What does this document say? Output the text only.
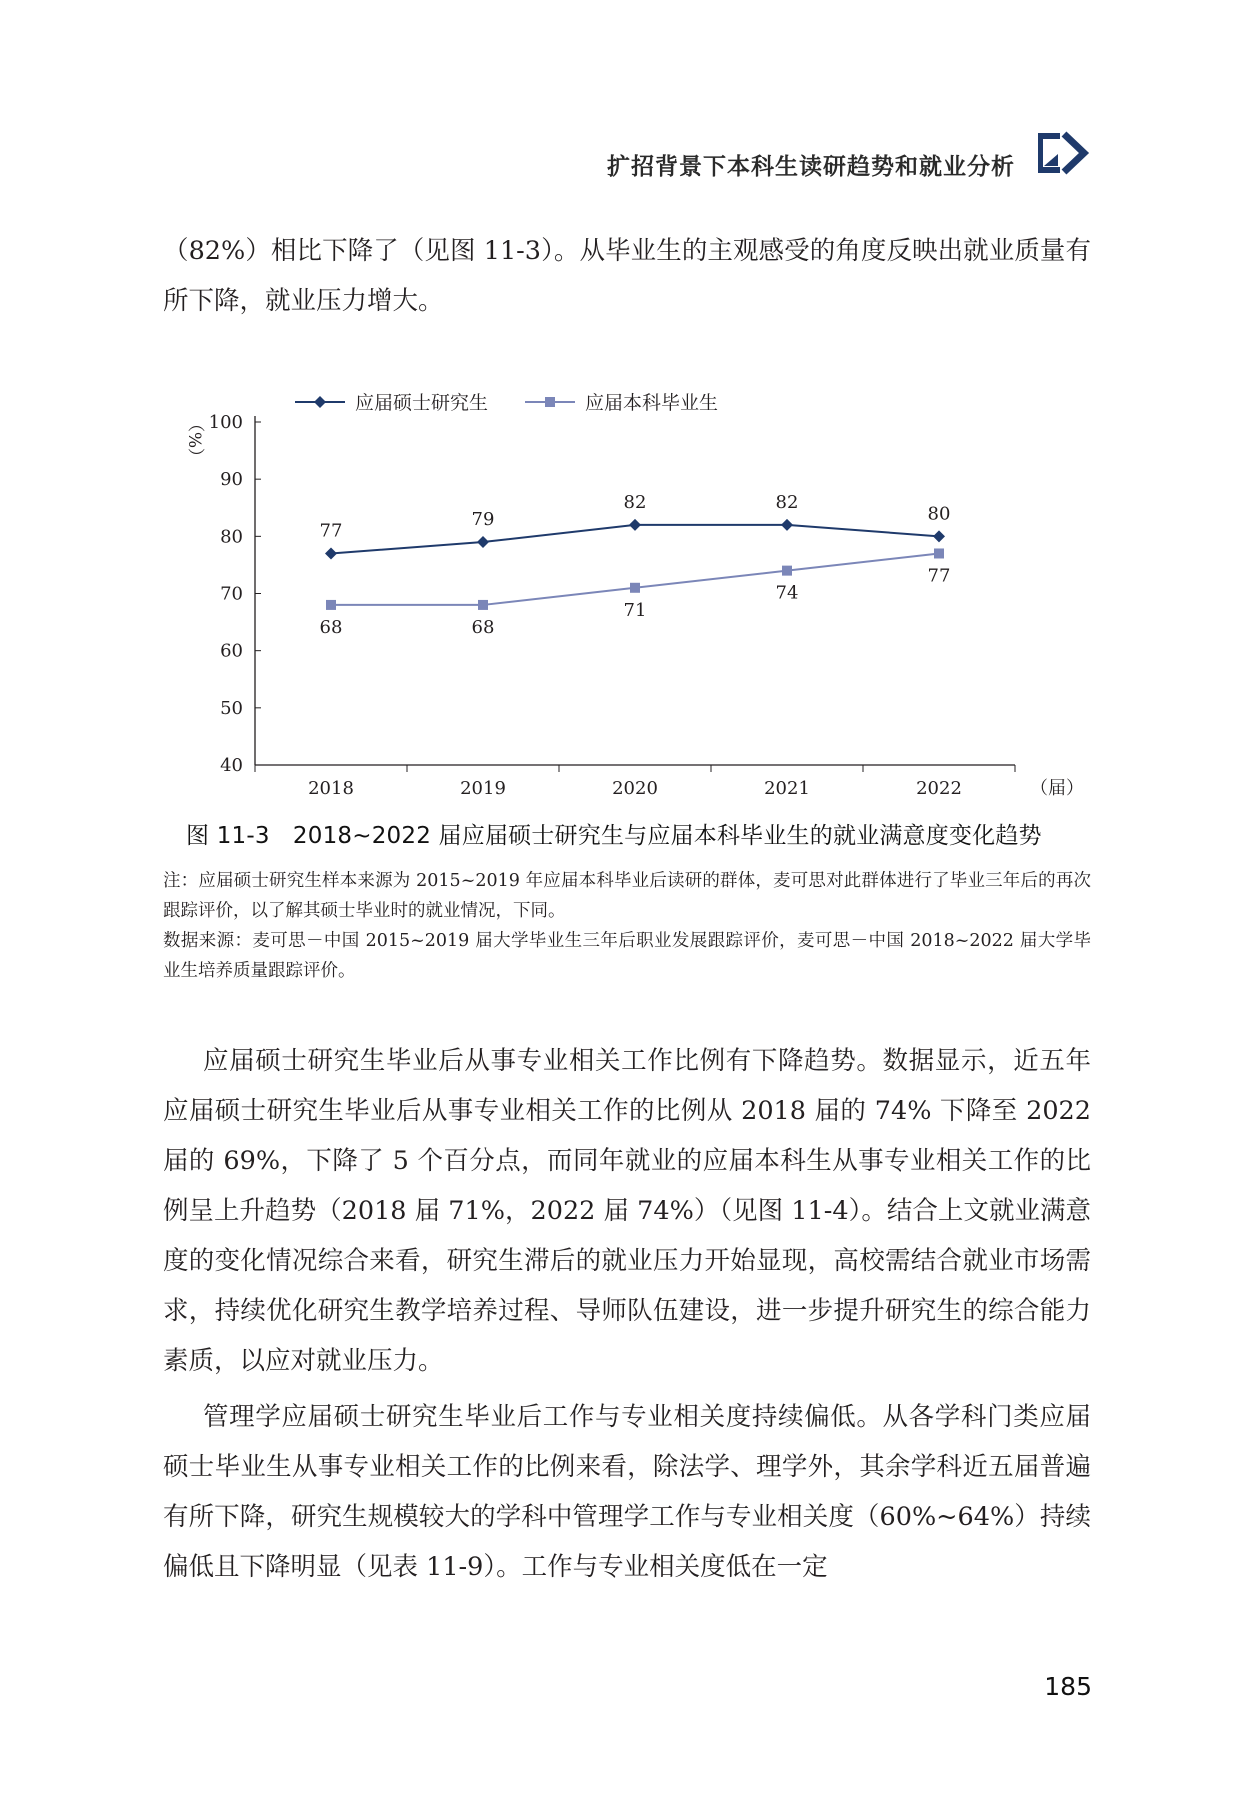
扩招背景下本科生读研趋势和就业分析
（82%）相比下降了（见图 11-3）。从毕业生的主观感受的角度反映出就业质量有所下降，就业压力增大。
40
50
60
70
80
90
100
（%）
2018	2019	2020	2021	2022	（届）
应届硕士研究生	应届本科毕业生
77
79
82	82
80
68	68
71
74
77
图 11-3　2018~2022 届应届硕士研究生与应届本科毕业生的就业满意度变化趋势
注：应届硕士研究生样本来源为 2015~2019 年应届本科毕业后读研的群体，麦可思对此群体进行了毕业三年后的再次跟踪评价，以了解其硕士毕业时的就业情况，下同。
数据来源：麦可思－中国 2015~2019 届大学毕业生三年后职业发展跟踪评价，麦可思－中国 2018~2022 届大学毕业生培养质量跟踪评价。
应届硕士研究生毕业后从事专业相关工作比例有下降趋势。数据显示，近五年应届硕士研究生毕业后从事专业相关工作的比例从 2018 届的 74% 下降至 2022 届的 69%，下降了 5 个百分点，而同年就业的应届本科生从事专业相关工作的比例呈上升趋势（2018 届 71%，2022 届 74%）（见图 11-4）。结合上文就业满意度的变化情况综合来看，研究生滞后的就业压力开始显现，高校需结合就业市场需求，持续优化研究生教学培养过程、导师队伍建设，进一步提升研究生的综合能力素质，以应对就业压力。
管理学应届硕士研究生毕业后工作与专业相关度持续偏低。从各学科门类应届硕士毕业生从事专业相关工作的比例来看，除法学、理学外，其余学科近五届普遍有所下降，研究生规模较大的学科中管理学工作与专业相关度（60%~64%）持续偏低且下降明显（见表 11-9）。工作与专业相关度低在一定
185
